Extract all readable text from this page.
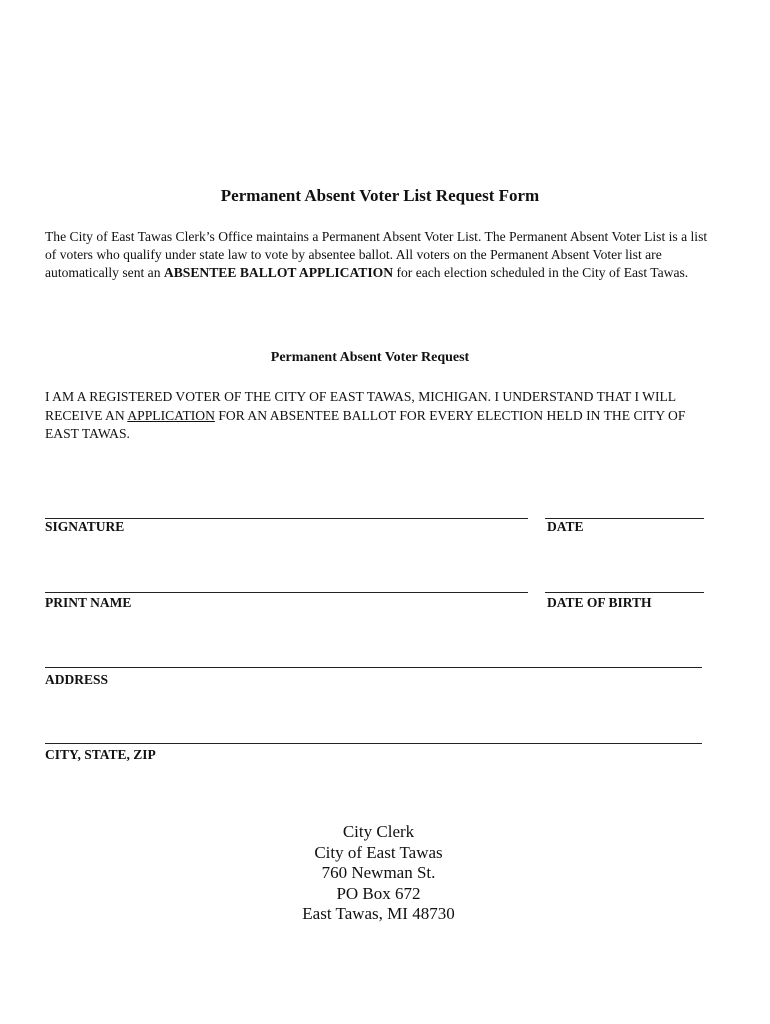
Permanent Absent Voter List Request Form
The City of East Tawas Clerk’s Office maintains a Permanent Absent Voter List. The Permanent Absent Voter List is a list of voters who qualify under state law to vote by absentee ballot. All voters on the Permanent Absent Voter list are automatically sent an ABSENTEE BALLOT APPLICATION for each election scheduled in the City of East Tawas.
Permanent Absent Voter Request
I AM A REGISTERED VOTER OF THE CITY OF EAST TAWAS, MICHIGAN. I UNDERSTAND THAT I WILL RECEIVE AN APPLICATION FOR AN ABSENTEE BALLOT FOR EVERY ELECTION HELD IN THE CITY OF EAST TAWAS.
SIGNATURE	DATE
PRINT NAME	DATE OF BIRTH
ADDRESS
CITY, STATE, ZIP
City Clerk
City of East Tawas
760 Newman St.
PO Box 672
East Tawas, MI 48730
